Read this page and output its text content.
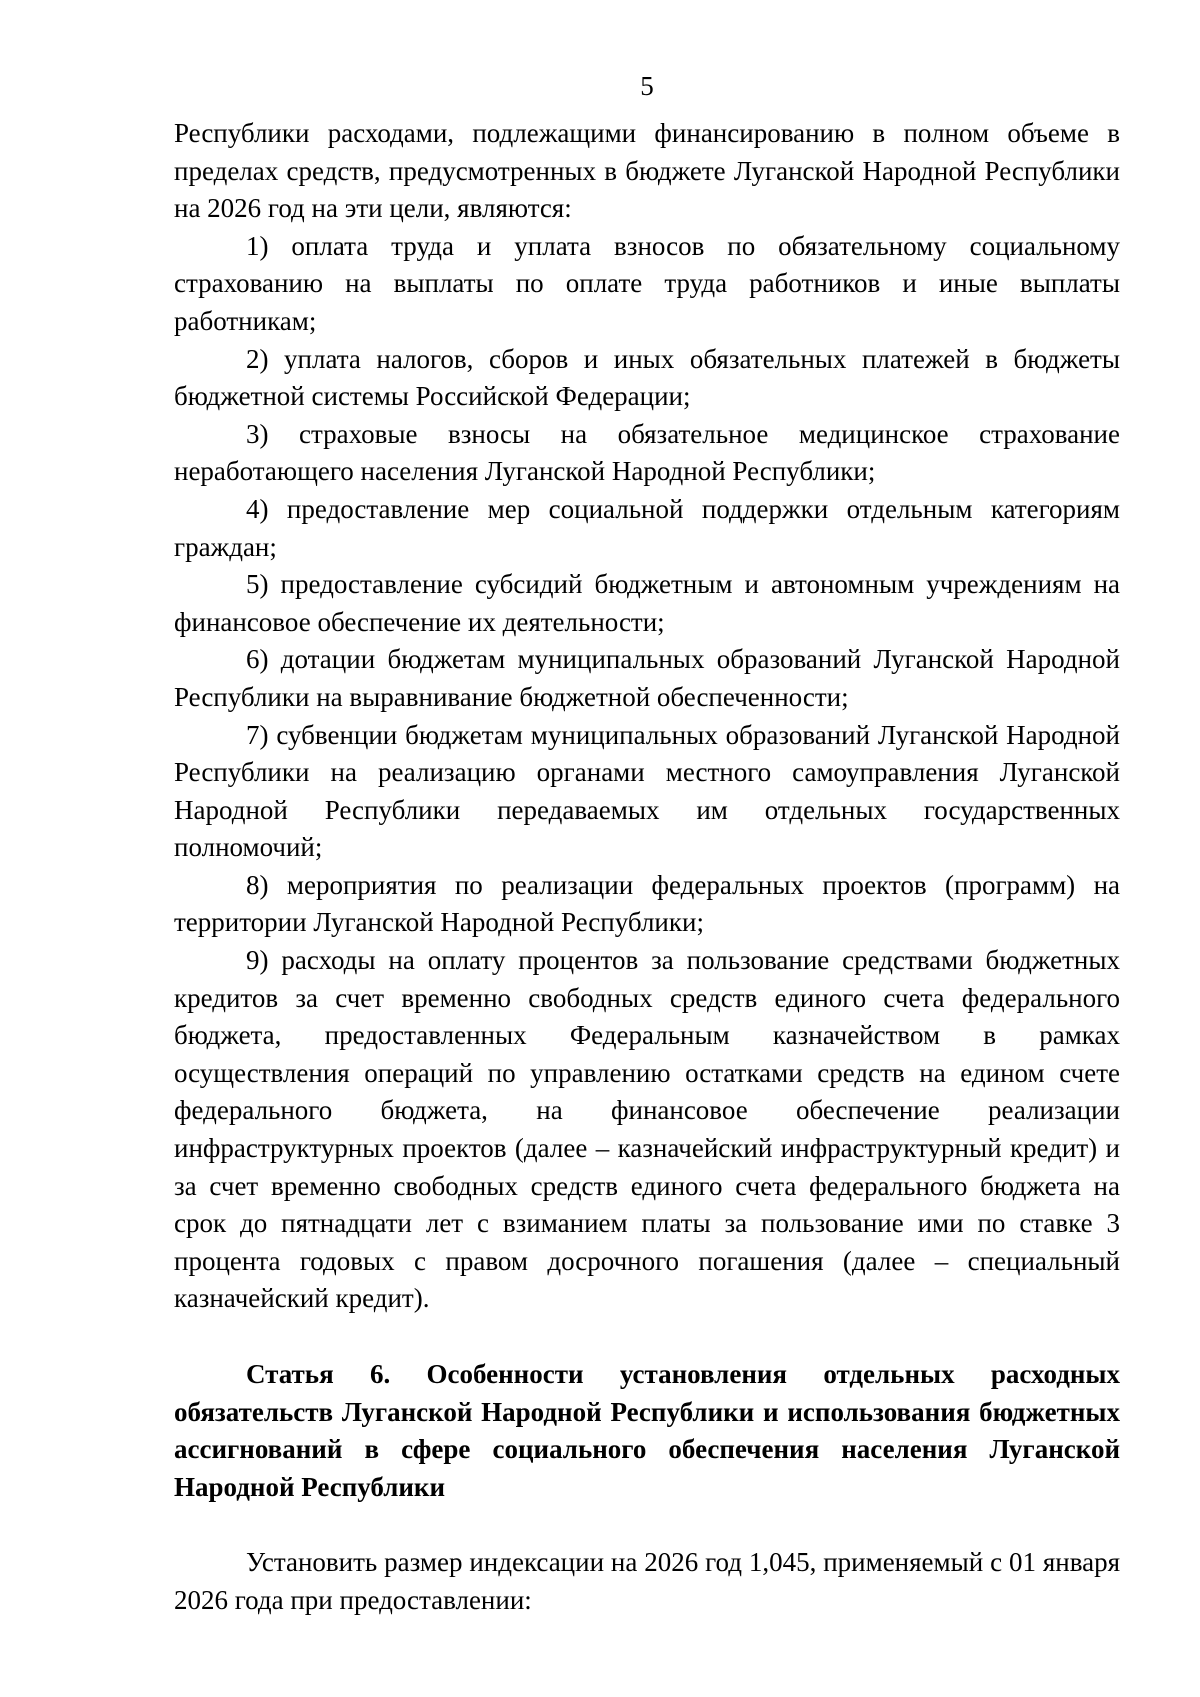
5

Республики расходами, подлежащими финансированию в полном объеме в пределах средств, предусмотренных в бюджете Луганской Народной Республики на 2026 год на эти цели, являются:

1) оплата труда и уплата взносов по обязательному социальному страхованию на выплаты по оплате труда работников и иные выплаты работникам;

2) уплата налогов, сборов и иных обязательных платежей в бюджеты бюджетной системы Российской Федерации;

3) страховые взносы на обязательное медицинское страхование неработающего населения Луганской Народной Республики;

4) предоставление мер социальной поддержки отдельным категориям граждан;

5) предоставление субсидий бюджетным и автономным учреждениям на финансовое обеспечение их деятельности;

6) дотации бюджетам муниципальных образований Луганской Народной Республики на выравнивание бюджетной обеспеченности;

7) субвенции бюджетам муниципальных образований Луганской Народной Республики на реализацию органами местного самоуправления Луганской Народной Республики передаваемых им отдельных государственных полномочий;

8) мероприятия по реализации федеральных проектов (программ) на территории Луганской Народной Республики;

9) расходы на оплату процентов за пользование средствами бюджетных кредитов за счет временно свободных средств единого счета федерального бюджета, предоставленных Федеральным казначейством в рамках осуществления операций по управлению остатками средств на едином счете федерального бюджета, на финансовое обеспечение реализации инфраструктурных проектов (далее – казначейский инфраструктурный кредит) и за счет временно свободных средств единого счета федерального бюджета на срок до пятнадцати лет с взиманием платы за пользование ими по ставке 3 процента годовых с правом досрочного погашения (далее – специальный казначейский кредит).

Статья 6. Особенности установления отдельных расходных обязательств Луганской Народной Республики и использования бюджетных ассигнований в сфере социального обеспечения населения Луганской Народной Республики

Установить размер индексации на 2026 год 1,045, применяемый с 01 января 2026 года при предоставлении:
